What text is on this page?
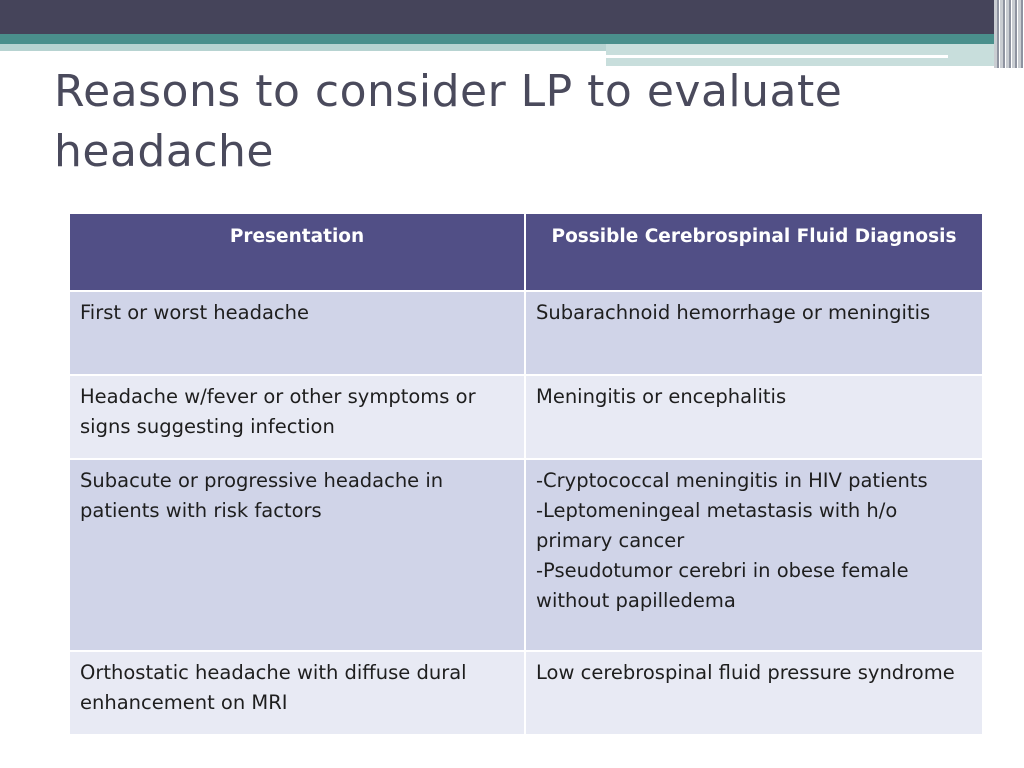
Reasons to consider LP to evaluate headache
Presentation	Possible Cerebrospinal Fluid Diagnosis
First or worst headache	Subarachnoid hemorrhage or meningitis

Headache w/fever or other symptoms or signs suggesting infection	Meningitis or encephalitis

Subacute or progressive headache in patients with risk factors	-Cryptococcal meningitis in HIV patients
-Leptomeningeal metastasis with h/o primary cancer
-Pseudotumor cerebri in obese female without papilledema

Orthostatic headache with diffuse dural enhancement on MRI	Low cerebrospinal fluid pressure syndrome
